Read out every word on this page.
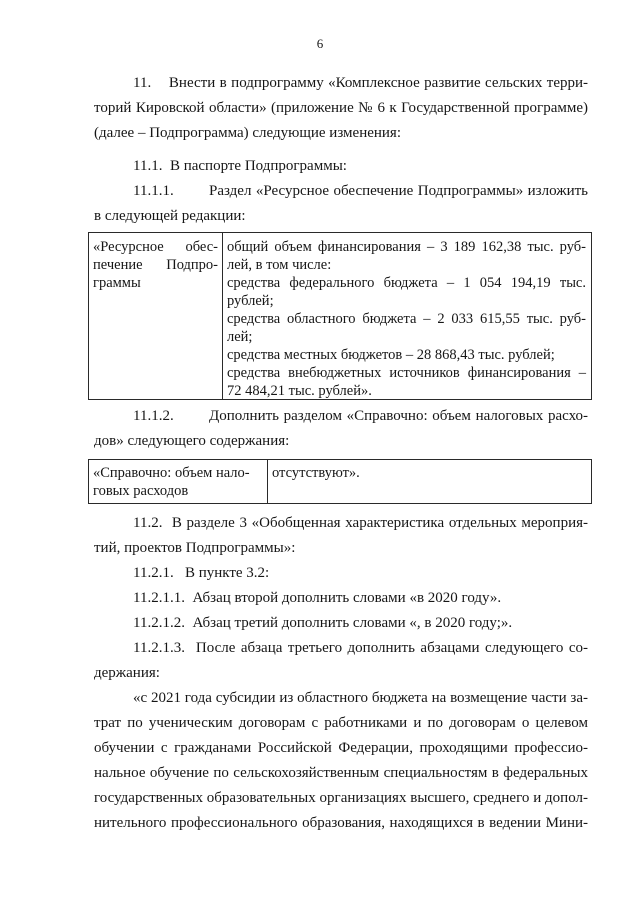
6
11.    Внести в подпрограмму «Комплексное развитие сельских терри-
торий Кировской области» (приложение № 6 к Государственной программе)
(далее – Подпрограмма) следующие изменения:
11.1.  В паспорте Подпрограммы:
11.1.1. Раздел «Ресурсное обеспечение Подпрограммы» изложить
в следующей редакции:
«Ресурсное обес-
печение Подпро-
граммы
общий объем финансирования – 3 189 162,38 тыс. руб-
лей, в том числе:
средства федерального бюджета – 1 054 194,19 тыс.
рублей;
средства областного бюджета – 2 033 615,55 тыс. руб-
лей;
средства местных бюджетов – 28 868,43 тыс. рублей;
средства внебюджетных источников финансирования –
72 484,21 тыс. рублей».
11.1.2. Дополнить разделом «Справочно: объем налоговых расхо-
дов» следующего содержания:
«Справочно: объем нало-
говых расходов
отсутствуют».
11.2.  В разделе 3 «Обобщенная характеристика отдельных мероприя-
тий, проектов Подпрограммы»:
11.2.1.   В пункте 3.2:
11.2.1.1.  Абзац второй дополнить словами «в 2020 году».
11.2.1.2.  Абзац третий дополнить словами «, в 2020 году;».
11.2.1.3.  После абзаца третьего дополнить абзацами следующего со-
держания:
«с 2021 года субсидии из областного бюджета на возмещение части за-
трат по ученическим договорам с работниками и по договорам о целевом
обучении с гражданами Российской Федерации, проходящими профессио-
нальное обучение по сельскохозяйственным специальностям в федеральных
государственных образовательных организациях высшего, среднего и допол-
нительного профессионального образования, находящихся в ведении Мини-
